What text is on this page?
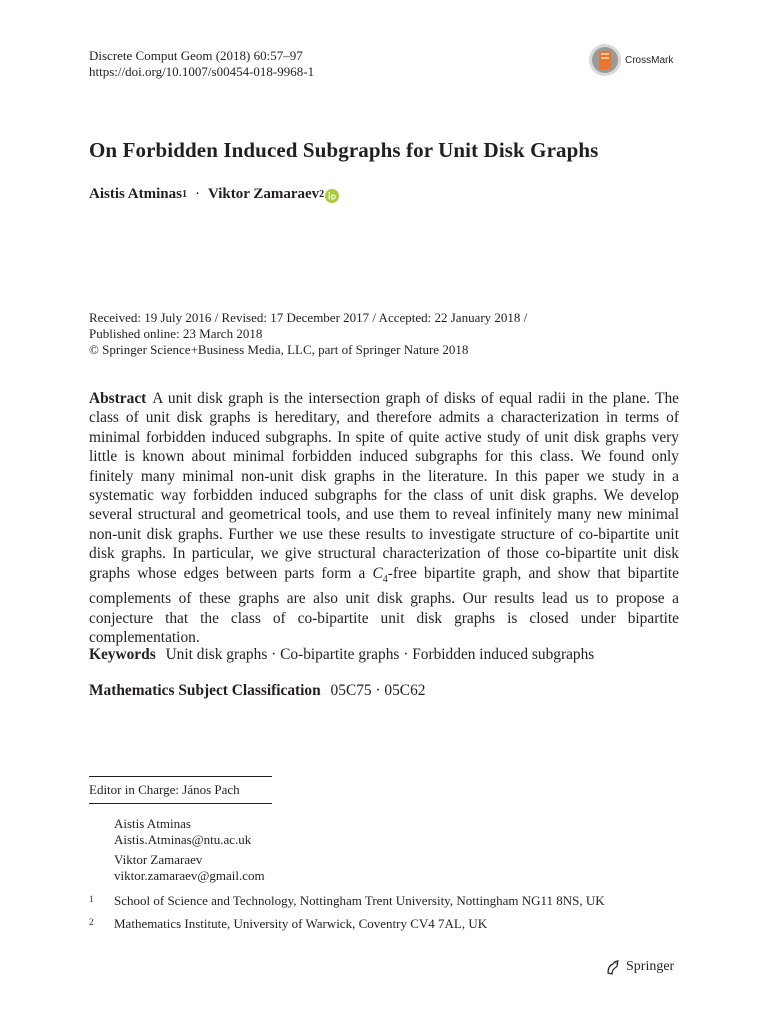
Discrete Comput Geom (2018) 60:57–97
https://doi.org/10.1007/s00454-018-9968-1
CrossMark
On Forbidden Induced Subgraphs for Unit Disk Graphs
Aistis Atminas 1 · Viktor Zamaraev 2
Received: 19 July 2016 / Revised: 17 December 2017 / Accepted: 22 January 2018 /
Published online: 23 March 2018
© Springer Science+Business Media, LLC, part of Springer Nature 2018
Abstract A unit disk graph is the intersection graph of disks of equal radii in the plane. The class of unit disk graphs is hereditary, and therefore admits a characterization in terms of minimal forbidden induced subgraphs. In spite of quite active study of unit disk graphs very little is known about minimal forbidden induced subgraphs for this class. We found only finitely many minimal non-unit disk graphs in the literature. In this paper we study in a systematic way forbidden induced subgraphs for the class of unit disk graphs. We develop several structural and geometrical tools, and use them to reveal infinitely many new minimal non-unit disk graphs. Further we use these results to investigate structure of co-bipartite unit disk graphs. In particular, we give structural characterization of those co-bipartite unit disk graphs whose edges between parts form a $C_4$-free bipartite graph, and show that bipartite complements of these graphs are also unit disk graphs. Our results lead us to propose a conjecture that the class of co-bipartite unit disk graphs is closed under bipartite complementation.
Keywords Unit disk graphs · Co-bipartite graphs · Forbidden induced subgraphs
Mathematics Subject Classification 05C75 · 05C62
Editor in Charge: János Pach
Aistis Atminas
Aistis.Atminas@ntu.ac.uk
Viktor Zamaraev
viktor.zamaraev@gmail.com
1	School of Science and Technology, Nottingham Trent University, Nottingham NG11 8NS, UK
2	Mathematics Institute, University of Warwick, Coventry CV4 7AL, UK
Springer
